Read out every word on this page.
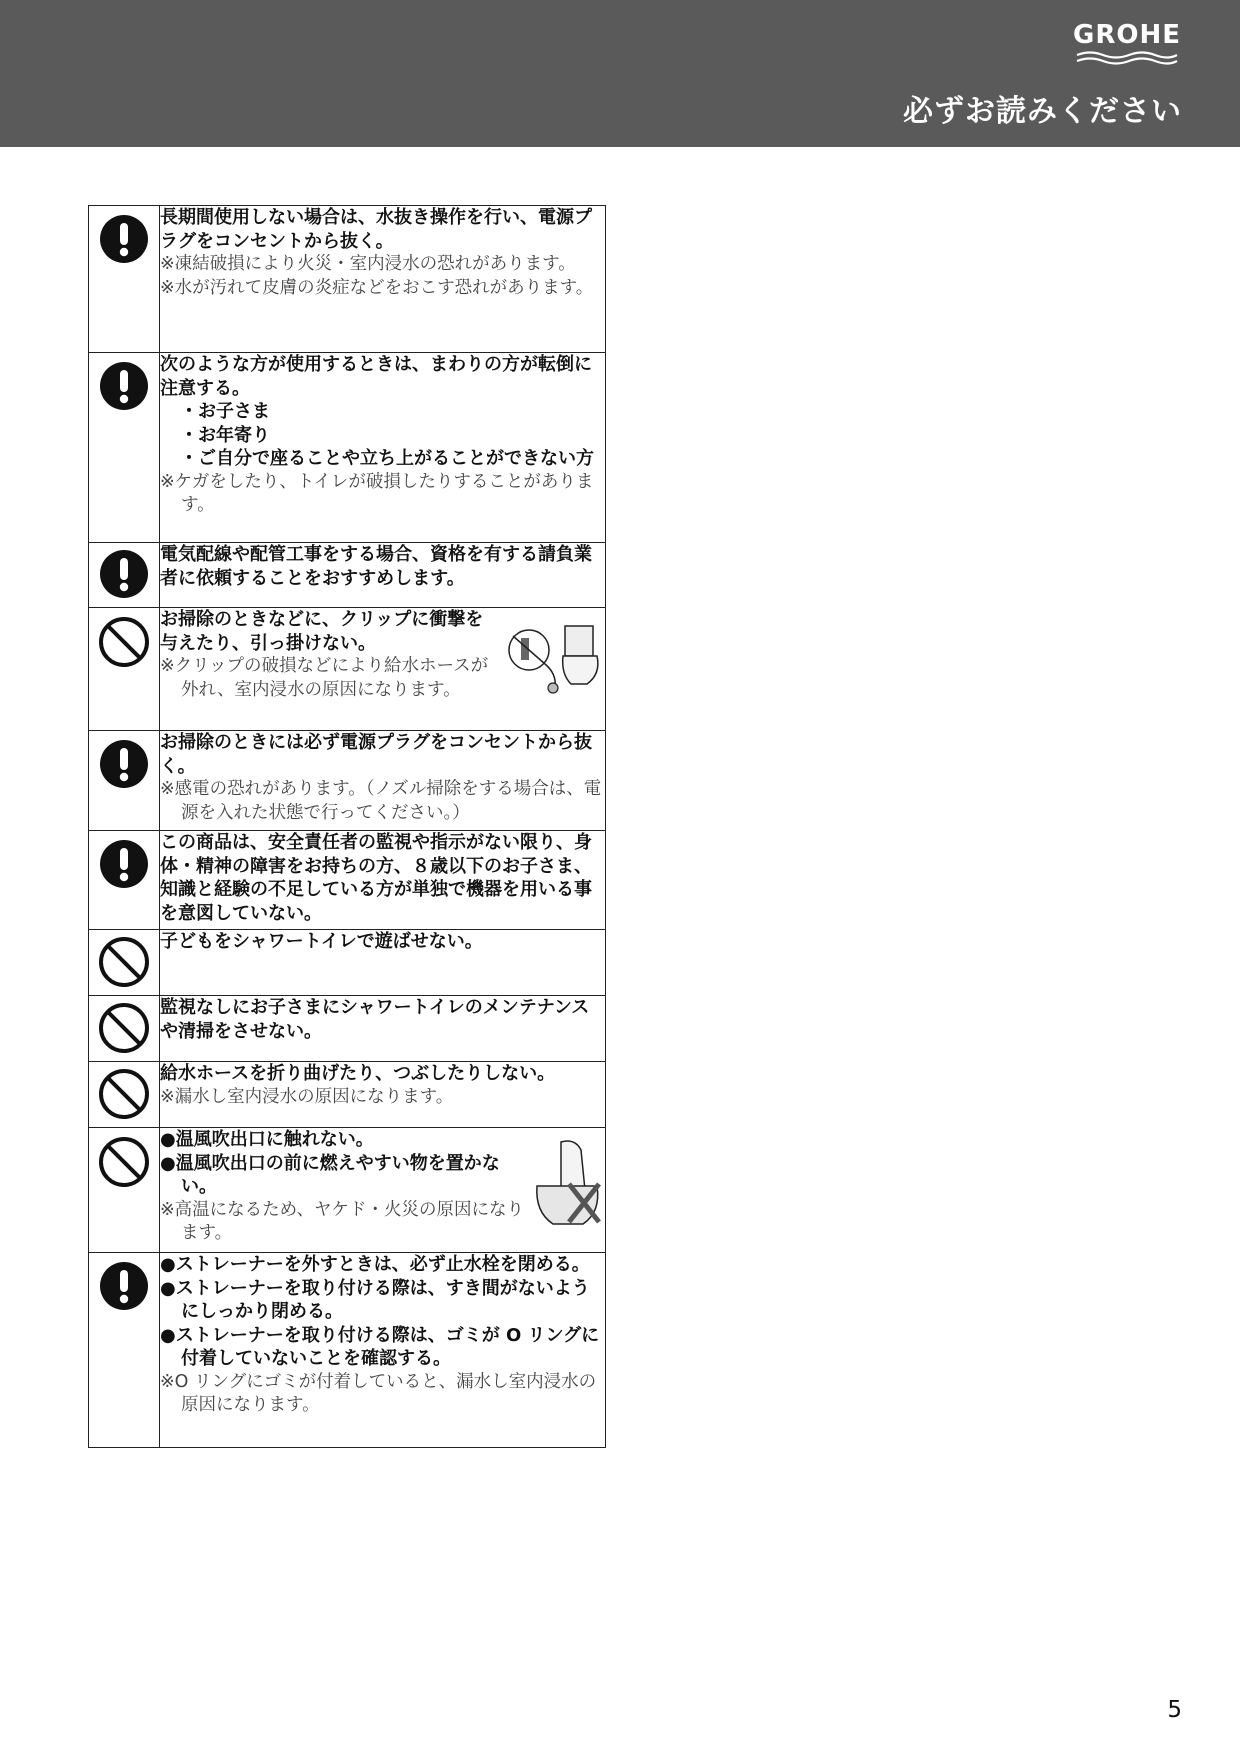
GROHE
必ずお読みください

長期間使用しない場合は、水抜き操作を行い、電源プラグをコンセントから抜く。
※凍結破損により火災・室内浸水の恐れがあります。
※水が汚れて皮膚の炎症などをおこす恐れがあります。

次のような方が使用するときは、まわりの方が転倒に注意する。
・お子さま
・お年寄り
・ご自分で座ることや立ち上がることができない方
※ケガをしたり、トイレが破損したりすることがあります。

電気配線や配管工事をする場合、資格を有する請負業者に依頼することをおすすめします。

お掃除のときなどに、クリップに衝撃を与えたり、引っ掛けない。
※クリップの破損などにより給水ホースが外れ、室内浸水の原因になります。

お掃除のときには必ず電源プラグをコンセントから抜く。
※感電の恐れがあります。（ノズル掃除をする場合は、電源を入れた状態で行ってください。）

この商品は、安全責任者の監視や指示がない限り、身体・精神の障害をお持ちの方、８歳以下のお子さま、知識と経験の不足している方が単独で機器を用いる事を意図していない。

子どもをシャワートイレで遊ばせない。

監視なしにお子さまにシャワートイレのメンテナンスや清掃をさせない。

給水ホースを折り曲げたり、つぶしたりしない。
※漏水し室内浸水の原因になります。

●温風吹出口に触れない。
●温風吹出口の前に燃えやすい物を置かない。
※高温になるため、ヤケド・火災の原因になります。

●ストレーナーを外すときは、必ず止水栓を閉める。
●ストレーナーを取り付ける際は、すき間がないようにしっかり閉める。
●ストレーナーを取り付ける際は、ゴミが O リングに付着していないことを確認する。
※O リングにゴミが付着していると、漏水し室内浸水の原因になります。
5
